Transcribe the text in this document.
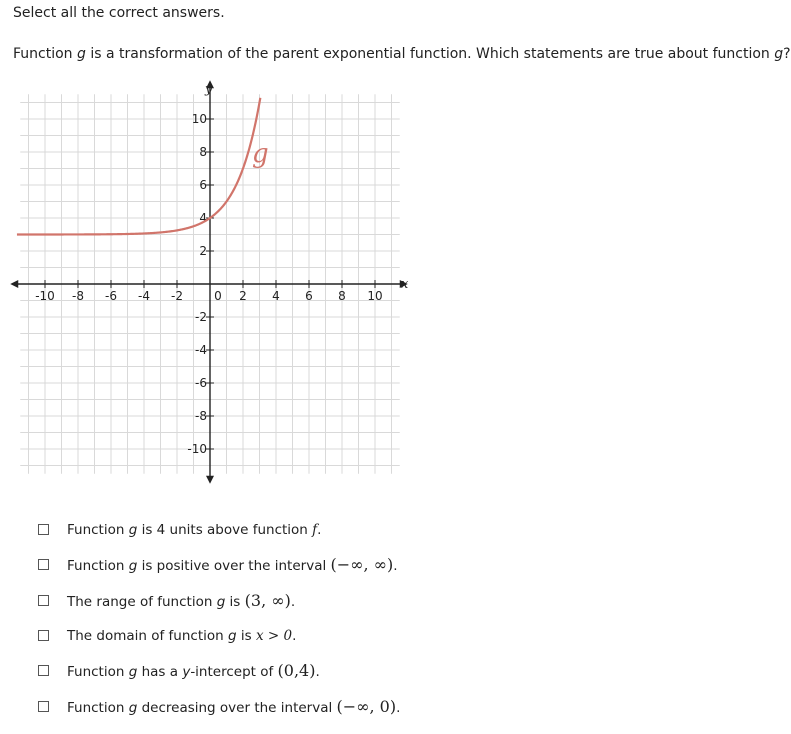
Select all the correct answers.
Function g is a transformation of the parent exponential function. Which statements are true about function g?
-10 -8 -6 -4 -2	0 2 4 6 8 10
10
8
6
4
2
-2
-4
-6
-8
-10
g
y
x
Function g is 4 units above function f.
Function g is positive over the interval (−∞, ∞).
The range of function g is (3, ∞).
The domain of function g is x > 0.
Function g has a y-intercept of (0,4).
Function g decreasing over the interval (−∞, 0).
